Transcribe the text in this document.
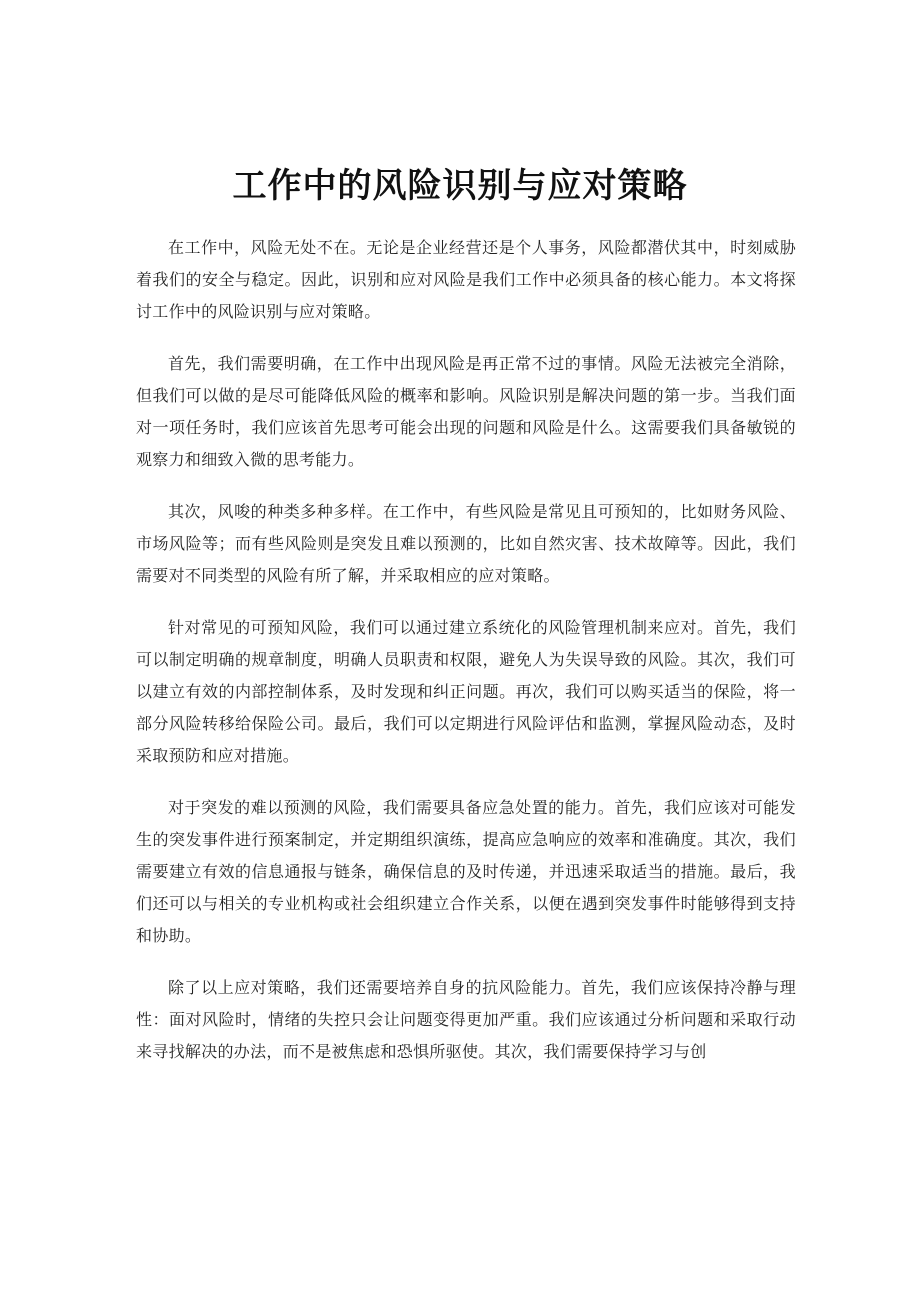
工作中的风险识别与应对策略

在工作中，风险无处不在。无论是企业经营还是个人事务，风险都潜伏其中，时刻威胁着我们的安全与稳定。因此，识别和应对风险是我们工作中必须具备的核心能力。本文将探讨工作中的风险识别与应对策略。

首先，我们需要明确，在工作中出现风险是再正常不过的事情。风险无法被完全消除，但我们可以做的是尽可能降低风险的概率和影响。风险识别是解决问题的第一步。当我们面对一项任务时，我们应该首先思考可能会出现的问题和风险是什么。这需要我们具备敏锐的观察力和细致入微的思考能力。

其次，风唆的种类多种多样。在工作中，有些风险是常见且可预知的，比如财务风险、市场风险等；而有些风险则是突发且难以预测的，比如自然灾害、技术故障等。因此，我们需要对不同类型的风险有所了解，并采取相应的应对策略。

针对常见的可预知风险，我们可以通过建立系统化的风险管理机制来应对。首先，我们可以制定明确的规章制度，明确人员职责和权限，避免人为失误导致的风险。其次，我们可以建立有效的内部控制体系，及时发现和纠正问题。再次，我们可以购买适当的保险，将一部分风险转移给保险公司。最后，我们可以定期进行风险评估和监测，掌握风险动态，及时采取预防和应对措施。

对于突发的难以预测的风险，我们需要具备应急处置的能力。首先，我们应该对可能发生的突发事件进行预案制定，并定期组织演练，提高应急响应的效率和准确度。其次，我们需要建立有效的信息通报与链条，确保信息的及时传递，并迅速采取适当的措施。最后，我们还可以与相关的专业机构或社会组织建立合作关系，以便在遇到突发事件时能够得到支持和协助。

除了以上应对策略，我们还需要培养自身的抗风险能力。首先，我们应该保持冷静与理性：面对风险时，情绪的失控只会让问题变得更加严重。我们应该通过分析问题和采取行动来寻找解决的办法，而不是被焦虑和恐惧所驱使。其次，我们需要保持学习与创
